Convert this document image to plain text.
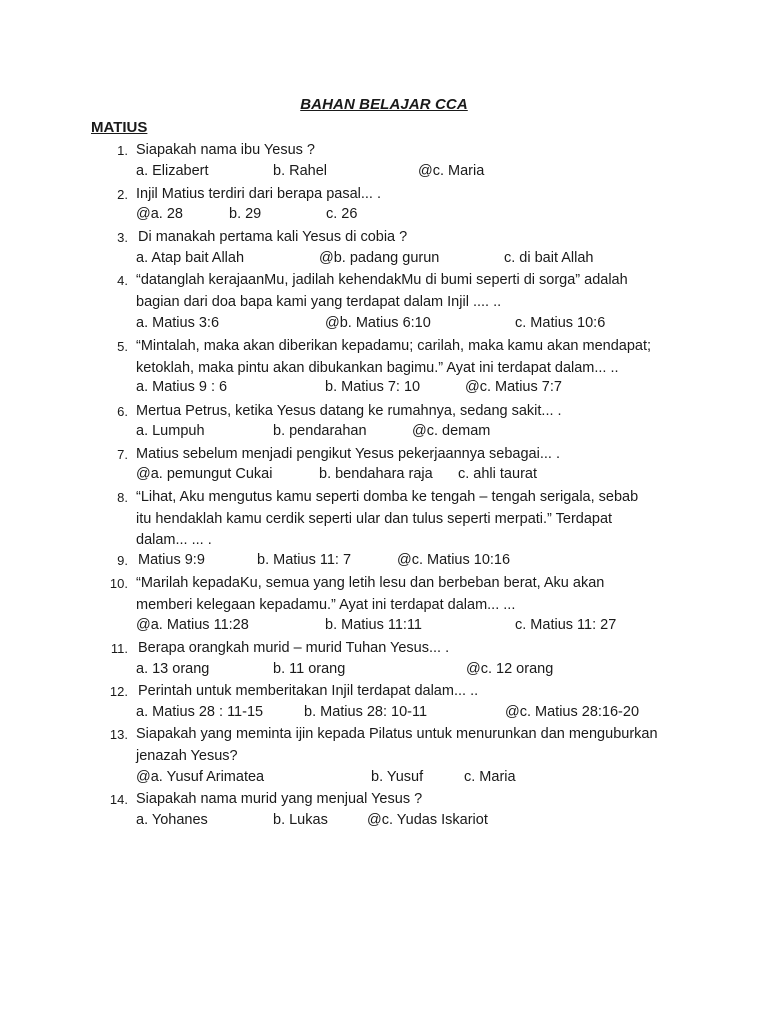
BAHAN BELAJAR CCA
MATIUS
1. Siapakah nama ibu Yesus ?
a. Elizabert	b. Rahel	@c. Maria
2. Injil Matius terdiri dari berapa pasal... .
@a. 28	b. 29	c. 26
3. Di manakah pertama kali Yesus di cobia ?
a. Atap bait Allah	@b. padang gurun	c. di bait Allah
4. “datanglah kerajaanMu, jadilah kehendakMu di bumi seperti di sorga” adalah
bagian dari doa bapa kami yang terdapat dalam Injil .... ..
a. Matius 3:6	@b. Matius 6:10	c. Matius 10:6
5. “Mintalah, maka akan diberikan kepadamu; carilah, maka kamu akan mendapat;
ketoklah, maka pintu akan dibukankan bagimu.” Ayat ini terdapat dalam... ..
a. Matius 9 : 6	b. Matius 7: 10	@c. Matius 7:7
6. Mertua Petrus, ketika Yesus datang ke rumahnya, sedang sakit... .
a. Lumpuh	b. pendarahan	@c. demam
7. Matius sebelum menjadi pengikut Yesus pekerjaannya sebagai... .
@a. pemungut Cukai	b. bendahara raja c. ahli taurat
8. “Lihat, Aku mengutus kamu seperti domba ke tengah – tengah serigala, sebab
itu hendaklah kamu cerdik seperti ular dan tulus seperti merpati.” Terdapat
dalam... ... .
9. Matius 9:9	b. Matius 11: 7	@c. Matius 10:16
10. “Marilah kepadaKu, semua yang letih lesu dan berbeban berat, Aku akan
memberi kelegaan kepadamu.” Ayat ini terdapat dalam... ...
@a. Matius 11:28	b. Matius 11:11	c. Matius 11: 27
11. Berapa orangkah murid – murid Tuhan Yesus... .
a. 13 orang	b. 11 orang	@c. 12 orang
12. Perintah untuk memberitakan Injil terdapat dalam... ..
a. Matius 28 : 11-15	b. Matius 28: 10-11	@c. Matius 28:16-20
13. Siapakah yang meminta ijin kepada Pilatus untuk menurunkan dan menguburkan
jenazah Yesus?
@a. Yusuf Arimatea	b. Yusuf	c. Maria
14. Siapakah nama murid yang menjual Yesus ?
a. Yohanes	b. Lukas	@c. Yudas Iskariot
